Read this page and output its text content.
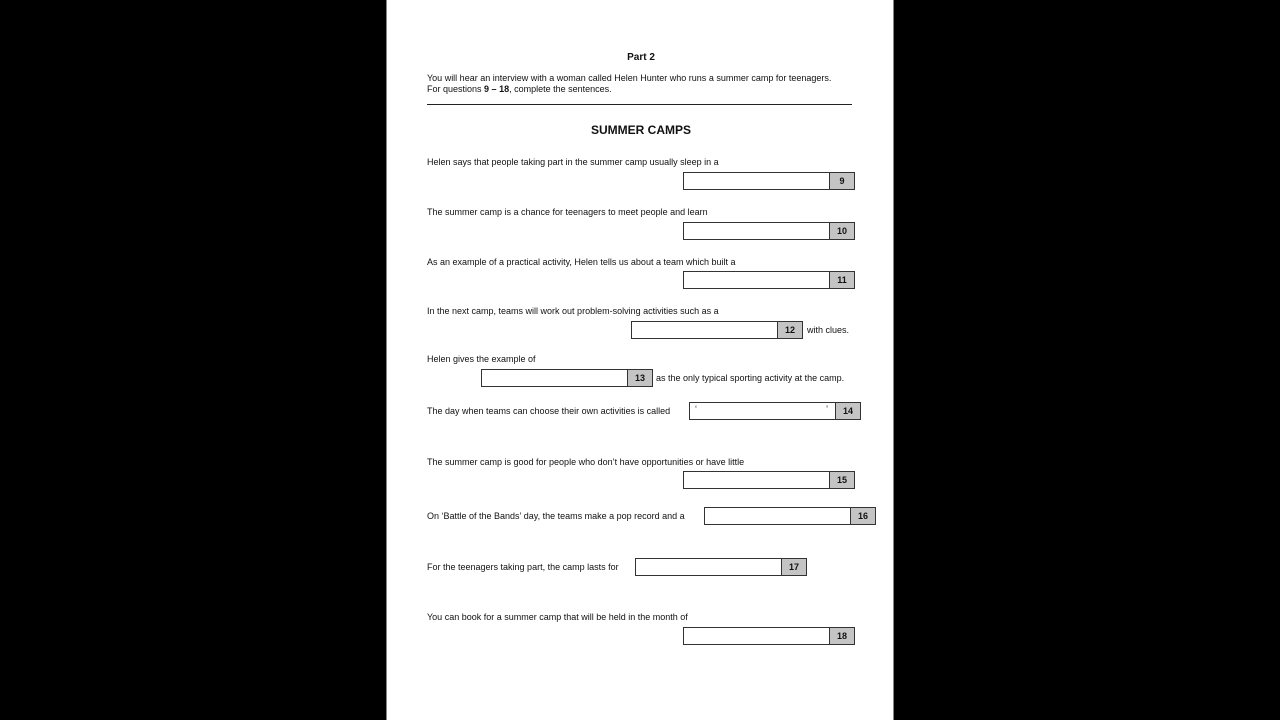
Part 2
You will hear an interview with a woman called Helen Hunter who runs a summer camp for teenagers.
For questions 9 – 18, complete the sentences.
SUMMER CAMPS
Helen says that people taking part in the summer camp usually sleep in a
9
The summer camp is a chance for teenagers to meet people and learn
10
As an example of a practical activity, Helen tells us about a team which built a
11
In the next camp, teams will work out problem-solving activities such as a
12	with clues.
Helen gives the example of
13	as the only typical sporting activity at the camp.
The day when teams can choose their own activities is called	‘	’	14
The summer camp is good for people who don’t have opportunities or have little
15
On ‘Battle of the Bands’ day, the teams make a pop record and a	16
For the teenagers taking part, the camp lasts for	17
You can book for a summer camp that will be held in the month of
18
